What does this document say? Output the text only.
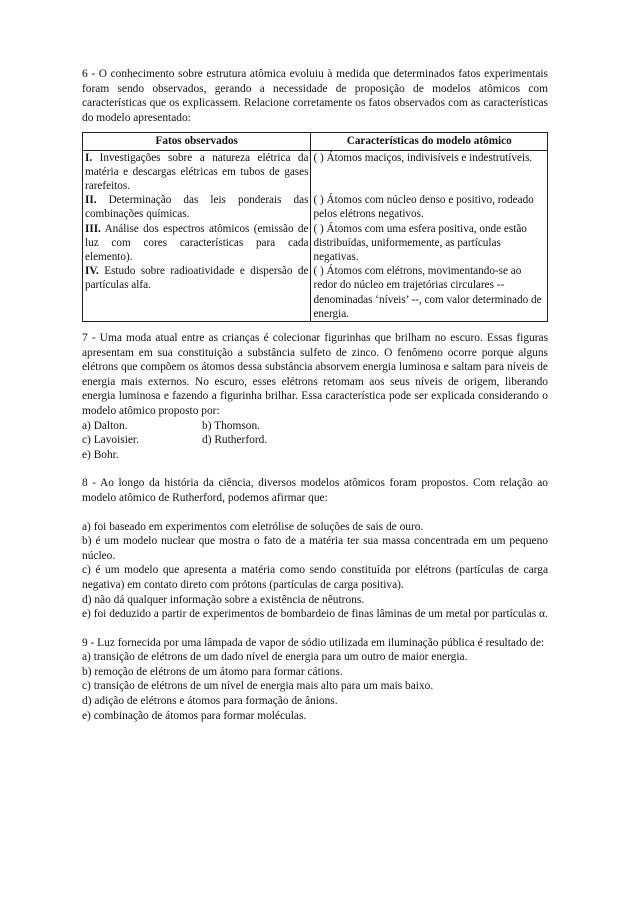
6 - O conhecimento sobre estrutura atômica evoluiu à medida que determinados fatos experimentais foram sendo observados, gerando a necessidade de proposição de modelos atômicos com características que os explicassem. Relacione corretamente os fatos observados com as características do modelo apresentado:

Fatos observados	Características do modelo atômico
I. Investigações sobre a natureza elétrica da matéria e descargas elétricas em tubos de gases rarefeitos.	( ) Átomos maciços, indivisíveis e indestrutíveis.
II. Determinação das leis ponderais das combinações químicas.	( ) Átomos com núcleo denso e positivo, rodeado pelos elétrons negativos.
III. Análise dos espectros atômicos (emissão de luz com cores características para cada elemento).	( ) Átomos com uma esfera positiva, onde estão distribuídas, uniformemente, as partículas negativas.
IV. Estudo sobre radioatividade e dispersão de partículas alfa.	( ) Átomos com elétrons, movimentando-se ao redor do núcleo em trajetórias circulares -- denominadas ‘níveis’ --, com valor determinado de energia.

7 - Uma moda atual entre as crianças é colecionar figurinhas que brilham no escuro. Essas figuras apresentam em sua constituição a substância sulfeto de zinco. O fenômeno ocorre porque alguns elétrons que compõem os átomos dessa substância absorvem energia luminosa e saltam para níveis de energia mais externos. No escuro, esses elétrons retomam aos seus níveis de origem, liberando energia luminosa e fazendo a figurinha brilhar. Essa característica pode ser explicada considerando o modelo atômico proposto por:

a) Dalton.	b) Thomson.
c) Lavoisier.	d) Rutherford.
e) Bohr.

8 - Ao longo da história da ciência, diversos modelos atômicos foram propostos. Com relação ao modelo atômico de Rutherford, podemos afirmar que:

a) foi baseado em experimentos com eletrólise de soluções de sais de ouro.

b) é um modelo nuclear que mostra o fato de a matéria ter sua massa concentrada em um pequeno núcleo.

c) é um modelo que apresenta a matéria como sendo constituída por elétrons (partículas de carga negativa) em contato direto com prótons (partículas de carga positiva).

d) não dá qualquer informação sobre a existência de nêutrons.

e) foi deduzido a partir de experimentos de bombardeio de finas lâminas de um metal por partículas α.

9 - Luz fornecida por uma lâmpada de vapor de sódio utilizada em iluminação pública é resultado de:

a) transição de elétrons de um dado nível de energia para um outro de maior energia.

b) remoção de elétrons de um átomo para formar cátions.

c) transição de elétrons de um nível de energia mais alto para um mais baixo.

d) adição de elétrons e átomos para formação de ânions.

e) combinação de átomos para formar moléculas.
